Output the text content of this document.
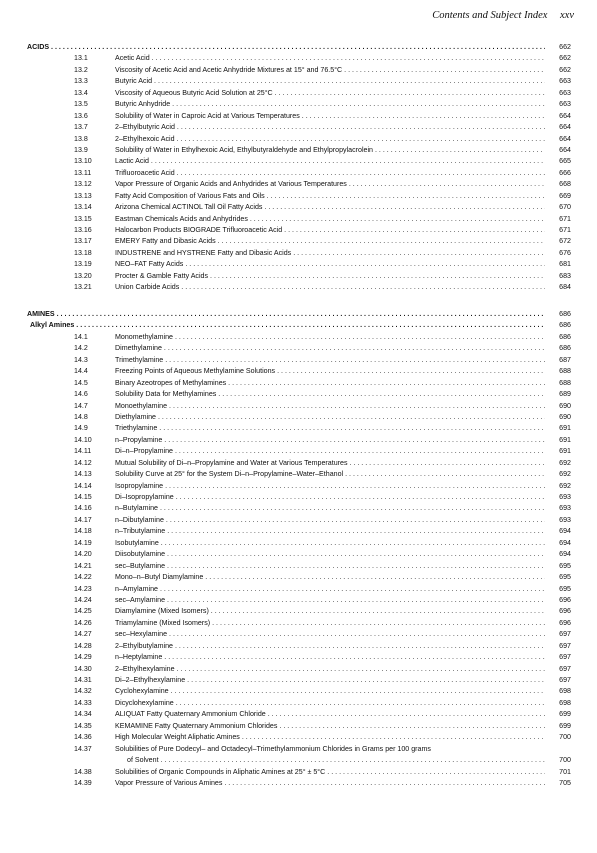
Contents and Subject Index xxv
ACIDS . . .	662
13.1	Acetic Acid . . .	662
13.2	Viscosity of Acetic Acid and Acetic Anhydride Mixtures at 15° and 76.5°C . . .	662
13.3	Butyric Acid . . .	663
13.4	Viscosity of Aqueous Butyric Acid Solution at 25°C . . .	663
13.5	Butyric Anhydride . . .	663
13.6	Solubility of Water in Caproic Acid at Various Temperatures . . .	664
13.7	2–Ethylbutyric Acid . . .	664
13.8	2–Ethylhexoic Acid . . .	664
13.9	Solubility of Water in Ethylhexoic Acid, Ethylbutyraldehyde and Ethylpropylacrolein . . .	664
13.10	Lactic Acid . . .	665
13.11	Trifluoroacetic Acid . . .	666
13.12	Vapor Pressure of Organic Acids and Anhydrides at Various Temperatures . . .	668
13.13	Fatty Acid Composition of Various Fats and Oils . . .	669
13.14	Arizona Chemical ACTINOL Tall Oil Fatty Acids . . .	670
13.15	Eastman Chemicals Acids and Anhydrides . . .	671
13.16	Halocarbon Products BIOGRADE Trifluoroacetic Acid . . .	671
13.17	EMERY Fatty and Dibasic Acids . . .	672
13.18	INDUSTRENE and HYSTRENE Fatty and Dibasic Acids . . .	676
13.19	NEO–FAT Fatty Acids . . .	681
13.20	Procter & Gamble Fatty Acids . . .	683
13.21	Union Carbide Acids . . .	684
AMINES . . .	686
Alkyl Amines . . .	686
14.1	Monomethylamine . . .	686
14.2	Dimethylamine . . .	686
14.3	Trimethylamine . . .	687
14.4	Freezing Points of Aqueous Methylamine Solutions . . .	688
14.5	Binary Azeotropes of Methylamines . . .	688
14.6	Solubility Data for Methylamines . . .	689
14.7	Monoethylamine . . .	690
14.8	Diethylamine . . .	690
14.9	Triethylamine . . .	691
14.10	n–Propylamine . . .	691
14.11	Di–n–Propylamine . . .	691
14.12	Mutual Solubility of Di–n–Propylamine and Water at Various Temperatures . . .	692
14.13	Solubility Curve at 25° for the System Di–n–Propylamine–Water–Ethanol . . .	692
14.14	Isopropylamine . . .	692
14.15	Di–Isopropylamine . . .	693
14.16	n–Butylamine . . .	693
14.17	n–Dibutylamine . . .	693
14.18	n–Tributylamine . . .	694
14.19	Isobutylamine . . .	694
14.20	Diisobutylamine . . .	694
14.21	sec–Butylamine . . .	695
14.22	Mono–n–Butyl Diamylamine . . .	695
14.23	n–Amylamine . . .	695
14.24	sec–Amylamine . . .	696
14.25	Diamylamine (Mixed Isomers) . . .	696
14.26	Triamylamine (Mixed Isomers) . . .	696
14.27	sec–Hexylamine . . .	697
14.28	2–Ethylbutylamine . . .	697
14.29	n–Heptylamine . . .	697
14.30	2–Ethylhexylamine . . .	697
14.31	Di–2–Ethylhexylamine . . .	697
14.32	Cyclohexylamine . . .	698
14.33	Dicyclohexylamine . . .	698
14.34	ALIQUAT Fatty Quaternary Ammonium Chloride . . .	699
14.35	KEMAMINE Fatty Quaternary Ammonium Chlorides . . .	699
14.36	High Molecular Weight Aliphatic Amines . . .	700
14.37	Solubilities of Pure Dodecyl– and Octadecyl–Trimethylammonium Chlorides in Grams per 100 grams
of Solvent . . .	700
14.38	Solubilities of Organic Compounds in Aliphatic Amines at 25° ± 5°C . . .	701
14.39	Vapor Pressure of Various Amines . . .	705
